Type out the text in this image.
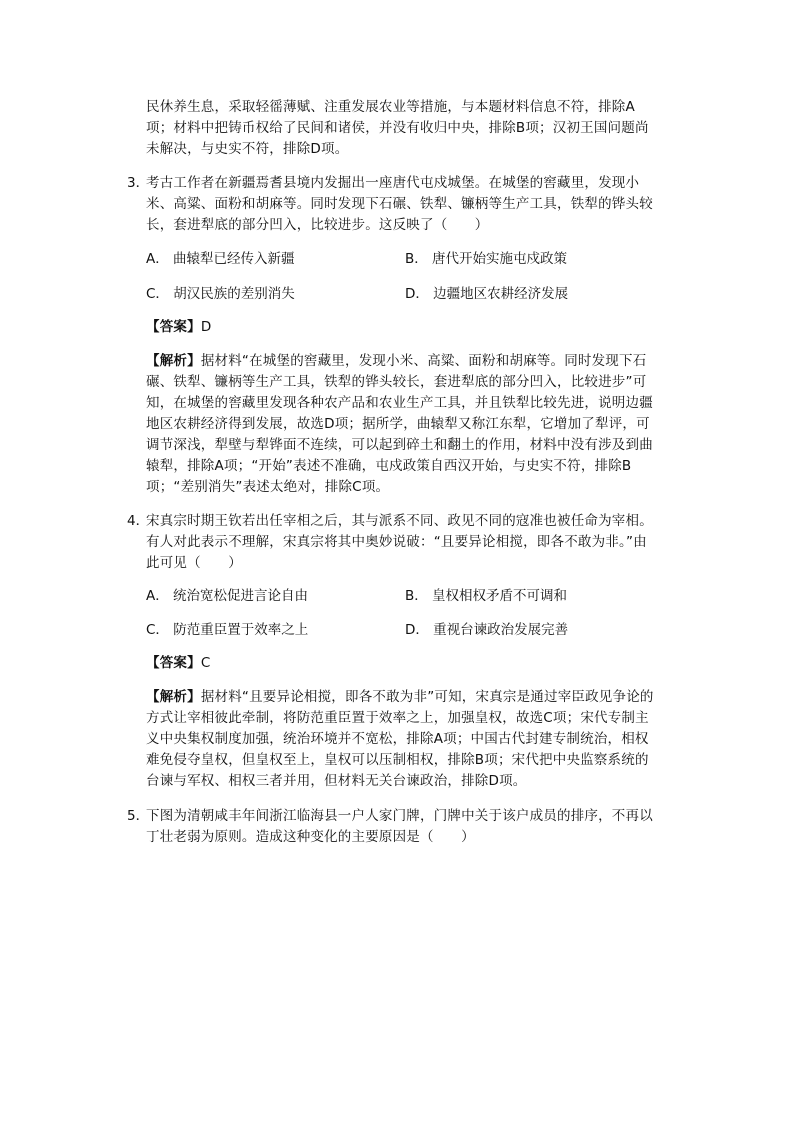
民休养生息，采取轻徭薄赋、注重发展农业等措施，与本题材料信息不符，排除A
项；材料中把铸币权给了民间和诸侯，并没有收归中央，排除B项；汉初王国问题尚
未解决，与史实不符，排除D项。
3．
考古工作者在新疆焉耆县境内发掘出一座唐代屯戍城堡。在城堡的窖藏里，发现小
米、高粱、面粉和胡麻等。同时发现下石碾、铁犁、镰柄等生产工具，铁犁的铧头较
长，套进犁底的部分凹入，比较进步。这反映了（　　）
A． 曲辕犁已经传入新疆	B． 唐代开始实施屯戍政策
C． 胡汉民族的差别消失	D． 边疆地区农耕经济发展
【答案】D
【解析】据材料“在城堡的窖藏里，发现小米、高粱、面粉和胡麻等。同时发现下石
碾、铁犁、镰柄等生产工具，铁犁的铧头较长，套进犁底的部分凹入，比较进步”可
知，在城堡的窖藏里发现各种农产品和农业生产工具，并且铁犁比较先进，说明边疆
地区农耕经济得到发展，故选D项；据所学，曲辕犁又称江东犁，它增加了犁评，可
调节深浅，犁壁与犁铧面不连续，可以起到碎土和翻土的作用，材料中没有涉及到曲
辕犁，排除A项；“开始”表述不准确，屯戍政策自西汉开始，与史实不符，排除B
项；“差别消失”表述太绝对，排除C项。
4．
宋真宗时期王钦若出任宰相之后，其与派系不同、政见不同的寇准也被任命为宰相。
有人对此表示不理解，宋真宗将其中奥妙说破：“且要异论相搅，即各不敢为非。”由
此可见（　　）
A． 统治宽松促进言论自由	B． 皇权相权矛盾不可调和
C． 防范重臣置于效率之上	D． 重视台谏政治发展完善
【答案】C
【解析】据材料“且要异论相搅，即各不敢为非”可知，宋真宗是通过宰臣政见争论的
方式让宰相彼此牵制，将防范重臣置于效率之上，加强皇权，故选C项；宋代专制主
义中央集权制度加强，统治环境并不宽松，排除A项；中国古代封建专制统治，相权
难免侵夺皇权，但皇权至上，皇权可以压制相权，排除B项；宋代把中央监察系统的
台谏与军权、相权三者并用，但材料无关台谏政治，排除D项。
5．
下图为清朝咸丰年间浙江临海县一户人家门牌，门牌中关于该户成员的排序，不再以
丁壮老弱为原则。造成这种变化的主要原因是（　　）
